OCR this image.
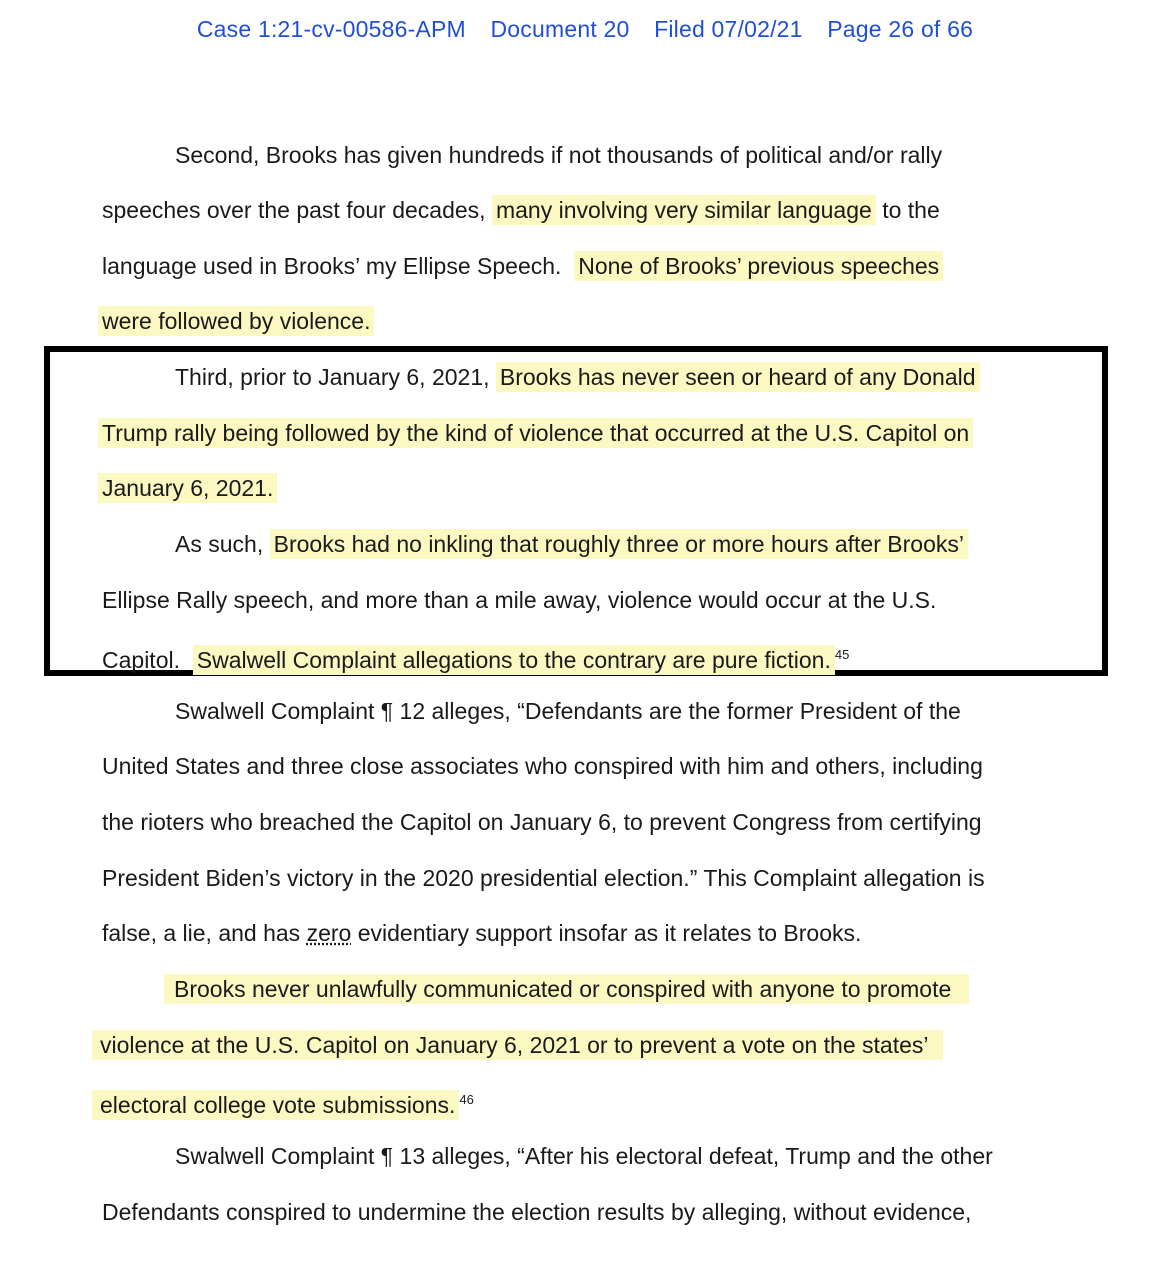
Case 1:21-cv-00586-APM Document 20 Filed 07/02/21 Page 26 of 66
Second, Brooks has given hundreds if not thousands of political and/or rally
speeches over the past four decades, many involving very similar language to the
language used in Brooks’ my Ellipse Speech. None of Brooks’ previous speeches
were followed by violence.
Third, prior to January 6, 2021, Brooks has never seen or heard of any Donald
Trump rally being followed by the kind of violence that occurred at the U.S. Capitol on
January 6, 2021.
As such, Brooks had no inkling that roughly three or more hours after Brooks’
Ellipse Rally speech, and more than a mile away, violence would occur at the U.S.
Capitol. Swalwell Complaint allegations to the contrary are pure fiction. $^{45}$
Swalwell Complaint ¶ 12 alleges, “Defendants are the former President of the
United States and three close associates who conspired with him and others, including
the rioters who breached the Capitol on January 6, to prevent Congress from certifying
President Biden’s victory in the 2020 presidential election.” This Complaint allegation is
false, a lie, and has zero evidentiary support insofar as it relates to Brooks.
Brooks never unlawfully communicated or conspired with anyone to promote
violence at the U.S. Capitol on January 6, 2021 or to prevent a vote on the states’
electoral college vote submissions. $^{46}$
Swalwell Complaint ¶ 13 alleges, “After his electoral defeat, Trump and the other
Defendants conspired to undermine the election results by alleging, without evidence,
